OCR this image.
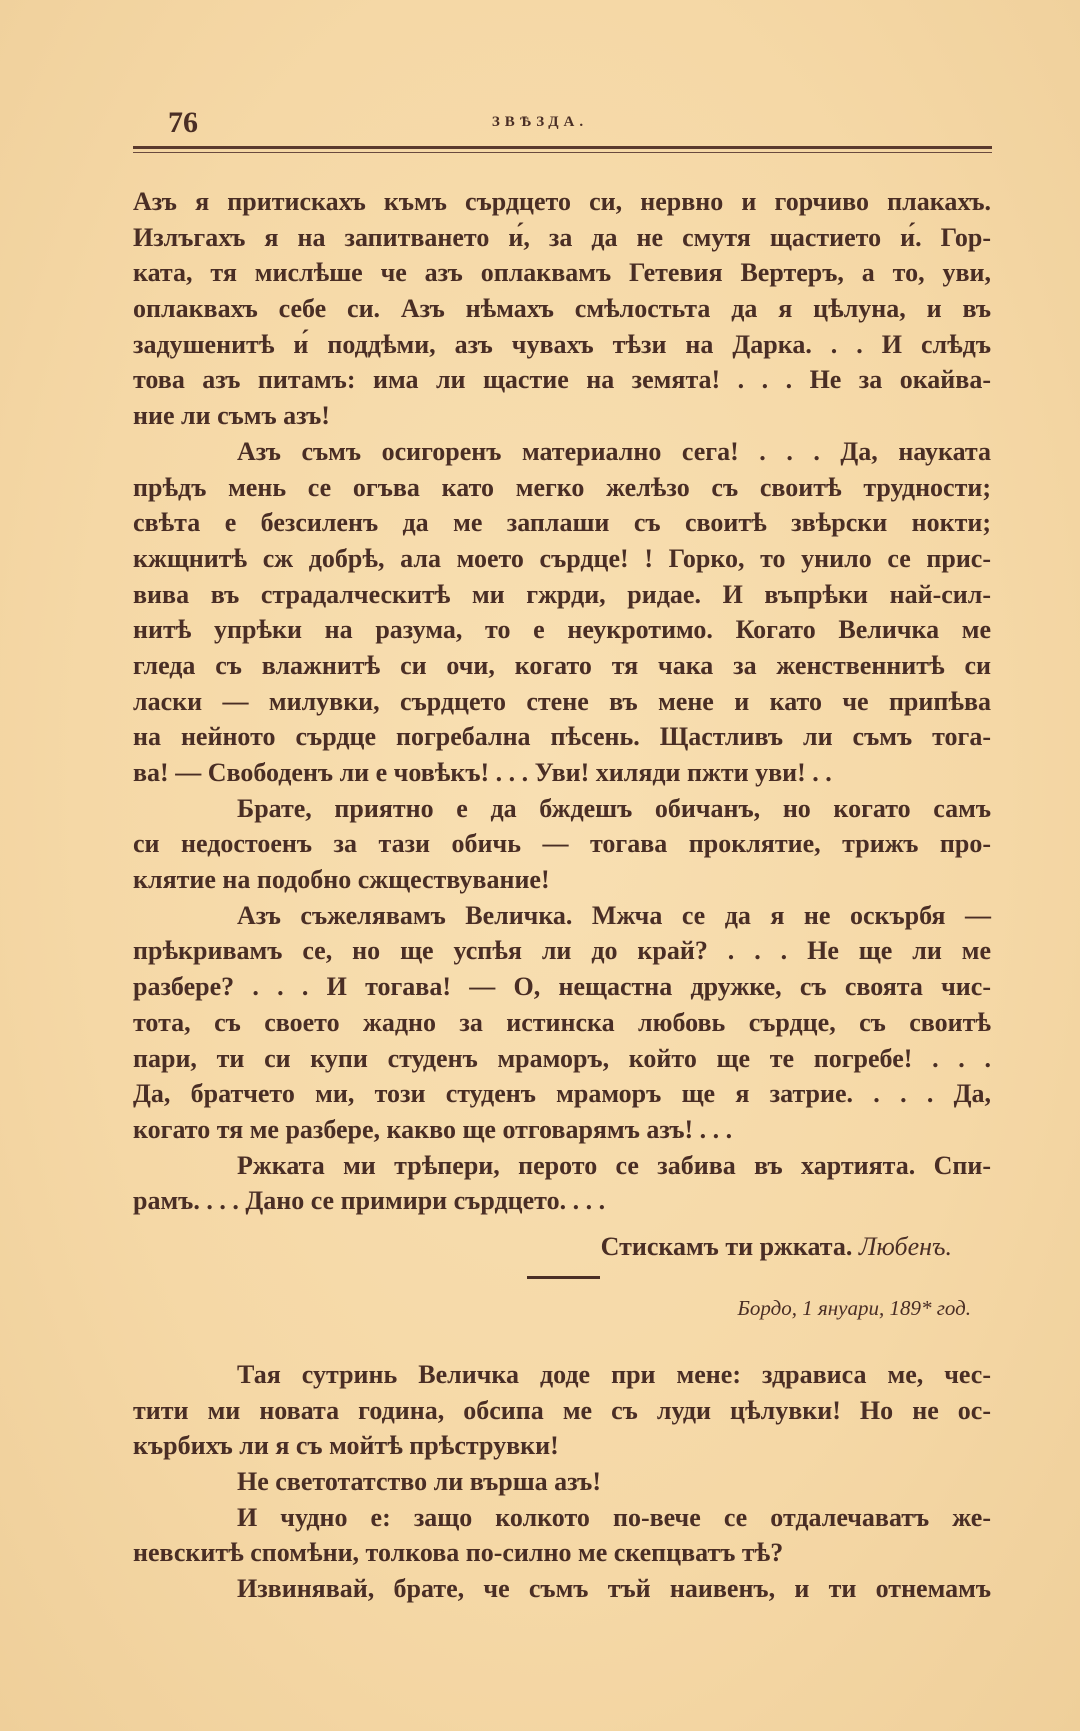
76	ЗВѢЗДА.
Азъ я притискахъ къмъ сърдцето си, нервно и горчиво плакахъ.
Излъгахъ я на запитването и́, за да не смутя щастието и́. Гор-
ката, тя мислѣше че азъ оплаквамъ Гетевия Вертеръ, а то, уви,
оплаквахъ себе си. Азъ нѣмахъ смѣлостьта да я цѣлуна, и въ
задушенитѣ и́ поддѣми, азъ чувахъ тѣзи на Дарка. . . И слѣдъ
това азъ питамъ: има ли щастие на земята! . . . Не за окайва-
ние ли съмъ азъ!
Азъ съмъ осигоренъ материално сега! . . . Да, науката
прѣдъ мень се огъва като мегко желѣзо съ своитѣ трудности;
свѣта е безсиленъ да ме заплаши съ своитѣ звѣрски нокти;
кжщнитѣ сж добрѣ, ала моето сърдце! ! Горко, то унило се прис-
вива въ страдалческитѣ ми гжрди, ридае. И въпрѣки най-сил-
нитѣ упрѣки на разума, то е неукротимо. Когато Величка ме
гледа съ влажнитѣ си очи, когато тя чака за женственнитѣ си
ласки — милувки, сърдцето стене въ мене и като че припѣва
на нейното сърдце погребална пѣсень. Щастливъ ли съмъ тога-
ва! — Свободенъ ли е човѣкъ! . . . Уви! хиляди пжти уви! . .
Брате, приятно е да бждешъ обичанъ, но когато самъ
си недостоенъ за тази обичь — тогава проклятие, трижъ про-
клятие на подобно сжществувание!
Азъ съжелявамъ Величка. Мжча се да я не оскърбя —
прѣкривамъ се, но ще успѣя ли до край? . . . Не ще ли ме
разбере? . . . И тогава! — О, нещастна дружке, съ своята чис-
тота, съ своето жадно за истинска любовь сърдце, съ своитѣ
пари, ти си купи студенъ мраморъ, който ще те погребе! . . .
Да, братчето ми, този студенъ мраморъ ще я затрие. . . . Да,
когато тя ме разбере, какво ще отговарямъ азъ! . . .
Ржката ми трѣпери, перото се забива въ хартията. Спи-
рамъ. . . . Дано се примири сърдцето. . . .
Стискамъ ти ржката. Любенъ.
Бордо, 1 януари, 189* год.
Тая сутринь Величка доде при мене: здрависа ме, чес-
тити ми новата година, обсипа ме съ луди цѣлувки! Но не ос-
кърбихъ ли я съ мойтѣ прѣструвки!
Не светотатство ли върша азъ!
И чудно е: защо колкото по-вече се отдалечаватъ же-
невскитѣ спомѣни, толкова по-силно ме скепцватъ тѣ?
Извинявай, брате, че съмъ тъй наивенъ, и ти отнемамъ
